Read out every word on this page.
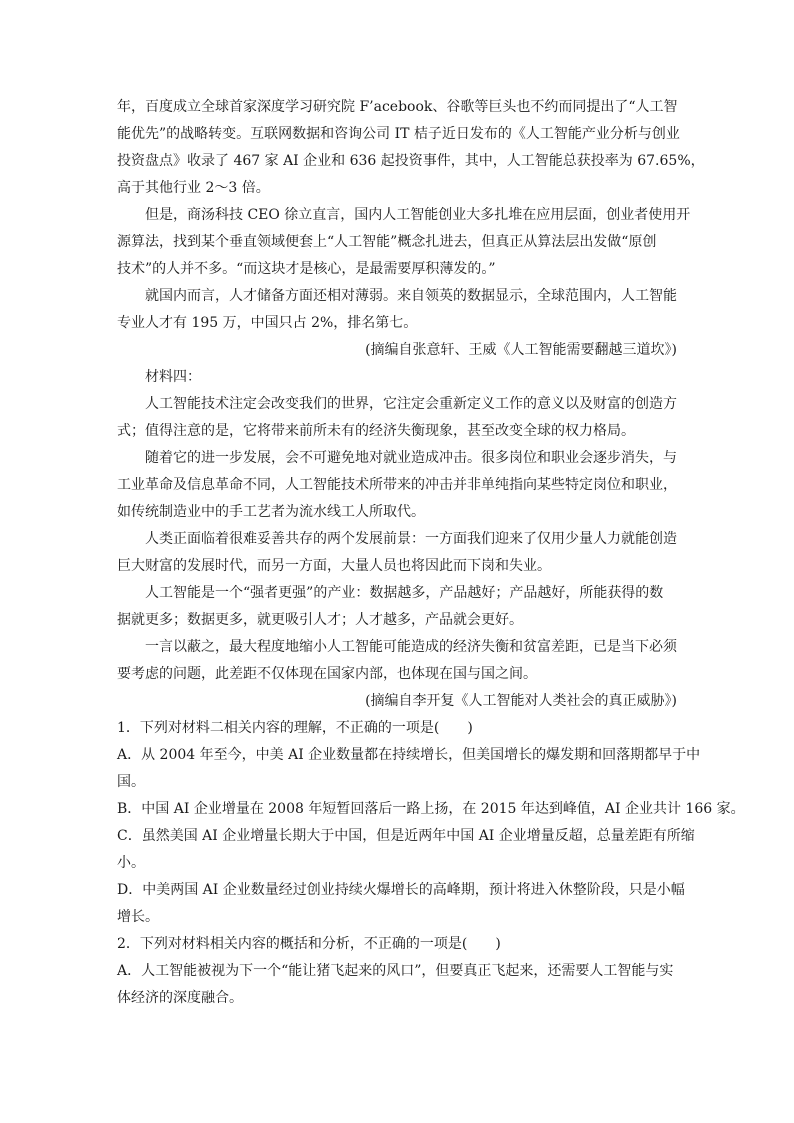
年，百度成立全球首家深度学习研究院 F’acebook、谷歌等巨头也不约而同提出了“人工智
能优先”的战略转变。互联网数据和咨询公司 IT 桔子近日发布的《人工智能产业分析与创业
投资盘点》收录了 467 家 AI 企业和 636 起投资事件，其中，人工智能总获投率为 67.65%，
高于其他行业 2～3 倍。
但是，商汤科技 CEO 徐立直言，国内人工智能创业大多扎堆在应用层面，创业者使用开
源算法，找到某个垂直领域便套上“人工智能”概念扎进去，但真正从算法层出发做“原创
技术”的人并不多。“而这块才是核心，是最需要厚积薄发的。”
就国内而言，人才储备方面还相对薄弱。来自领英的数据显示，全球范围内，人工智能
专业人才有 195 万，中国只占 2%，排名第七。
(摘编自张意轩、王威《人工智能需要翻越三道坎》)
材料四：
人工智能技术注定会改变我们的世界，它注定会重新定义工作的意义以及财富的创造方
式；值得注意的是，它将带来前所未有的经济失衡现象，甚至改变全球的权力格局。
随着它的进一步发展，会不可避免地对就业造成冲击。很多岗位和职业会逐步消失，与
工业革命及信息革命不同，人工智能技术所带来的冲击并非单纯指向某些特定岗位和职业，
如传统制造业中的手工艺者为流水线工人所取代。
人类正面临着很难妥善共存的两个发展前景：一方面我们迎来了仅用少量人力就能创造
巨大财富的发展时代，而另一方面，大量人员也将因此而下岗和失业。
人工智能是一个“强者更强”的产业：数据越多，产品越好；产品越好，所能获得的数
据就更多；数据更多，就更吸引人才；人才越多，产品就会更好。
一言以蔽之，最大程度地缩小人工智能可能造成的经济失衡和贫富差距，已是当下必须
要考虑的问题，此差距不仅体现在国家内部，也体现在国与国之间。
(摘编自李开复《人工智能对人类社会的真正威胁》)
1．下列对材料二相关内容的理解，不正确的一项是(　　)
A．从 2004 年至今，中美 AI 企业数量都在持续增长，但美国增长的爆发期和回落期都早于中
国。
B．中国 AI 企业增量在 2008 年短暂回落后一路上扬，在 2015 年达到峰值，AI 企业共计 166 家。
C．虽然美国 AI 企业增量长期大于中国，但是近两年中国 AI 企业增量反超，总量差距有所缩
小。
D．中美两国 AI 企业数量经过创业持续火爆增长的高峰期，预计将进入休整阶段，只是小幅
增长。
2．下列对材料相关内容的概括和分析，不正确的一项是(　　)
A．人工智能被视为下一个“能让猪飞起来的风口”，但要真正飞起来，还需要人工智能与实
体经济的深度融合。
